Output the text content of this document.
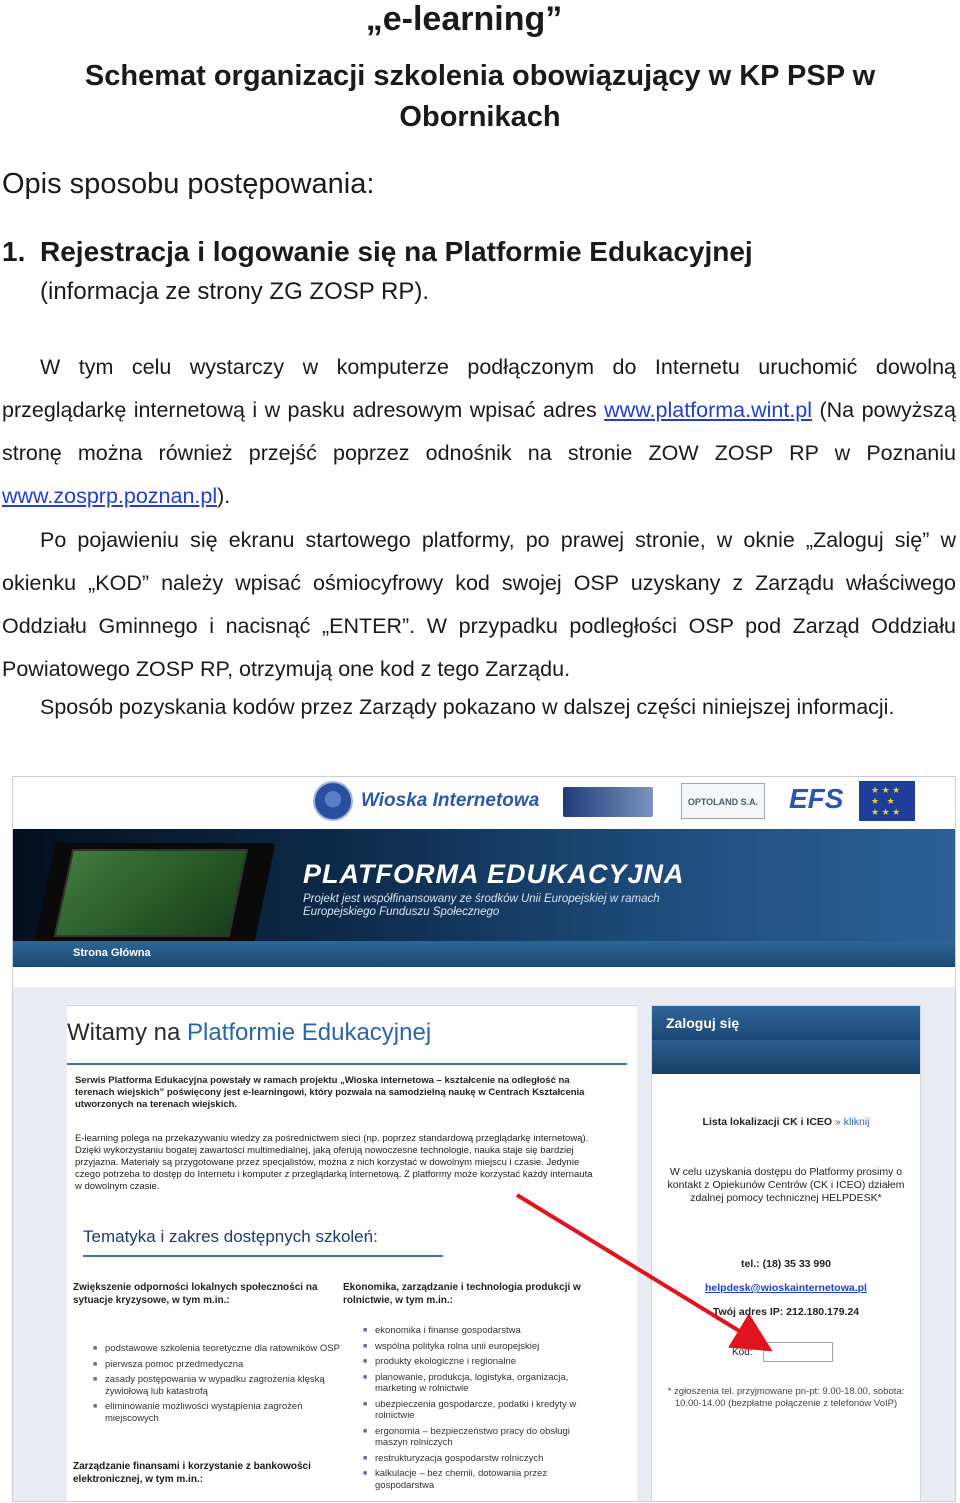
„e-learning”
Schemat organizacji szkolenia obowiązujący w KP PSP w Obornikach
Opis sposobu postępowania:
1. Rejestracja i logowanie się na Platformie Edukacyjnej
(informacja ze strony ZG ZOSP RP).
W tym celu wystarczy w komputerze podłączonym do Internetu uruchomić dowolną przeglądarkę internetową i w pasku adresowym wpisać adres www.platforma.wint.pl (Na powyższą stronę można również przejść poprzez odnośnik na stronie ZOW ZOSP RP w Poznaniu www.zosprp.poznan.pl).
Po pojawieniu się ekranu startowego platformy, po prawej stronie, w oknie „Zaloguj się” w okienku „KOD” należy wpisać ośmiocyfrowy kod swojej OSP uzyskany z Zarządu właściwego Oddziału Gminnego i nacisnąć „ENTER”. W przypadku podległości OSP pod Zarząd Oddziału Powiatowego ZOSP RP, otrzymują one kod z tego Zarządu.
Sposób pozyskania kodów przez Zarządy pokazano w dalszej części niniejszej informacji.
Wioska Internetowa	OPTOLAND S.A. EFS
★ ★ ★ ★ ★ ★ ★ ★
PLATFORMA EDUKACYJNA
Projekt jest współfinansowany ze środków Unii Europejskiej w ramach Europejskiego Funduszu Społecznego
Strona Główna
Witamy na Platformie Edukacyjnej
Serwis Platforma Edukacyjna powstały w ramach projektu „Wioska internetowa – kształcenie na odległość na terenach wiejskich” poświęcony jest e-learningowi, który pozwala na samodzielną naukę w Centrach Kształcenia utworzonych na terenach wiejskich.
E-learning polega na przekazywaniu wiedzy za pośrednictwem sieci (np. poprzez standardową przeglądarkę internetową). Dzięki wykorzystaniu bogatej zawartości multimedialnej, jaką oferują nowoczesne technologie, nauka staje się bardziej przyjazna. Materiały są przygotowane przez specjalistów, można z nich korzystać w dowolnym miejscu i czasie. Jedynie czego potrzeba to dostęp do Internetu i komputer z przeglądarką internetową. Z platformy może korzystać każdy internauta w dowolnym czasie.
Tematyka i zakres dostępnych szkoleń:
Zwiększenie odporności lokalnych społeczności na sytuacje kryzysowe, w tym m.in.:
Ekonomika, zarządzanie i technologia produkcji w rolnictwie, w tym m.in.:
■ podstawowe szkolenia teoretyczne dla ratowników OSP
■ pierwsza pomoc przedmedyczna
■ zasady postępowania w wypadku zagrożenia klęską żywiołową lub katastrofą
■ eliminowanie możliwości wystąpienia zagrożeń miejscowych
■ ekonomika i finanse gospodarstwa
■ wspólna polityka rolna unii europejskiej
■ produkty ekologiczne i regionalne
■ planowanie, produkcja, logistyka, organizacja, marketing w rolnictwie
■ ubezpieczenia gospodarcze, podatki i kredyty w rolnictwie
■ ergonomia – bezpieczeństwo pracy do obsługi maszyn rolniczych
■ restrukturyzacja gospodarstw rolniczych
■ kalkulacje – bez chemii, dotowania przez gospodarstwa
Zarządzanie finansami i korzystanie z bankowości elektronicznej, w tym m.in.:
Zaloguj się
Lista lokalizacji CK i ICEO » kliknij
W celu uzyskania dostępu do Platformy prosimy o kontakt z Opiekunów Centrów (CK i ICEO) działem zdalnej pomocy technicznej HELPDESK*
tel.: (18) 35 33 990
helpdesk@wioskainternetowa.pl
Twój adres IP: 212.180.179.24
Kod:
* zgłoszenia tel. przyjmowane pn-pt: 9.00-18.00, sobota: 10.00-14.00 (bezpłatne połączenie z telefonów VoIP)
